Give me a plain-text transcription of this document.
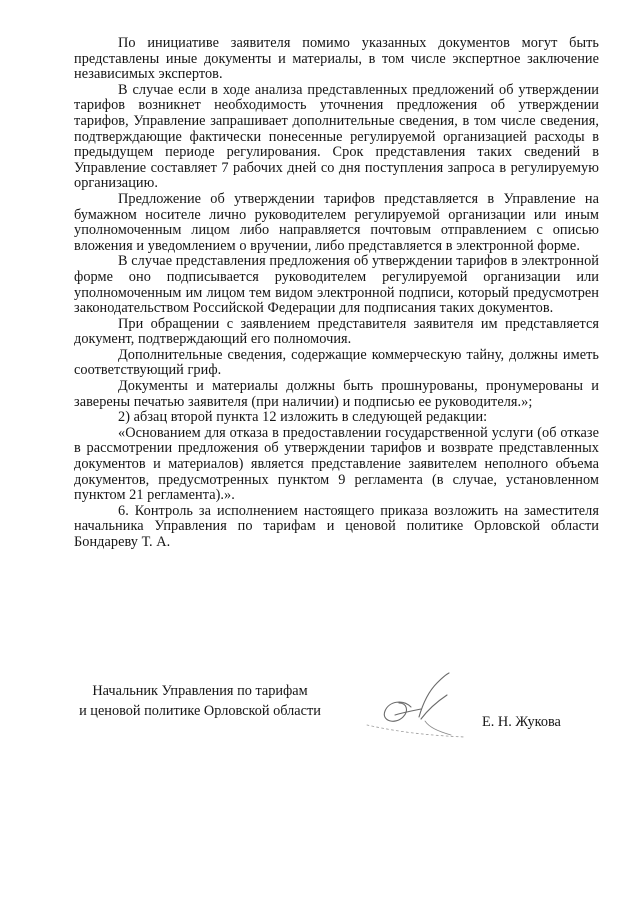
По инициативе заявителя помимо указанных документов могут быть представлены иные документы и материалы, в том числе экспертное заключение независимых экспертов.

В случае если в ходе анализа представленных предложений об утверждении тарифов возникнет необходимость уточнения предложения об утверждении тарифов, Управление запрашивает дополнительные сведения, в том числе сведения, подтверждающие фактически понесенные регулируемой организацией расходы в предыдущем периоде регулирования. Срок представления таких сведений в Управление составляет 7 рабочих дней со дня поступления запроса в регулируемую организацию.

Предложение об утверждении тарифов представляется в Управление на бумажном носителе лично руководителем регулируемой организации или иным уполномоченным лицом либо направляется почтовым отправлением с описью вложения и уведомлением о вручении, либо представляется в электронной форме.

В случае представления предложения об утверждении тарифов в электронной форме оно подписывается руководителем регулируемой организации или уполномоченным им лицом тем видом электронной подписи, который предусмотрен законодательством Российской Федерации для подписания таких документов.

При обращении с заявлением представителя заявителя им представляется документ, подтверждающий его полномочия.

Дополнительные сведения, содержащие коммерческую тайну, должны иметь соответствующий гриф.

Документы и материалы должны быть прошнурованы, пронумерованы и заверены печатью заявителя (при наличии) и подписью ее руководителя.»;

2) абзац второй пункта 12 изложить в следующей редакции:

«Основанием для отказа в предоставлении государственной услуги (об отказе в рассмотрении предложения об утверждении тарифов и возврате представленных документов и материалов) является представление заявителем неполного объема документов, предусмотренных пунктом 9 регламента (в случае, установленном пунктом 21 регламента).».

6. Контроль за исполнением настоящего приказа возложить на заместителя начальника Управления по тарифам и ценовой политике Орловской области Бондареву Т. А.

Начальник Управления по тарифам
и ценовой политике Орловской области
Е. Н. Жукова
